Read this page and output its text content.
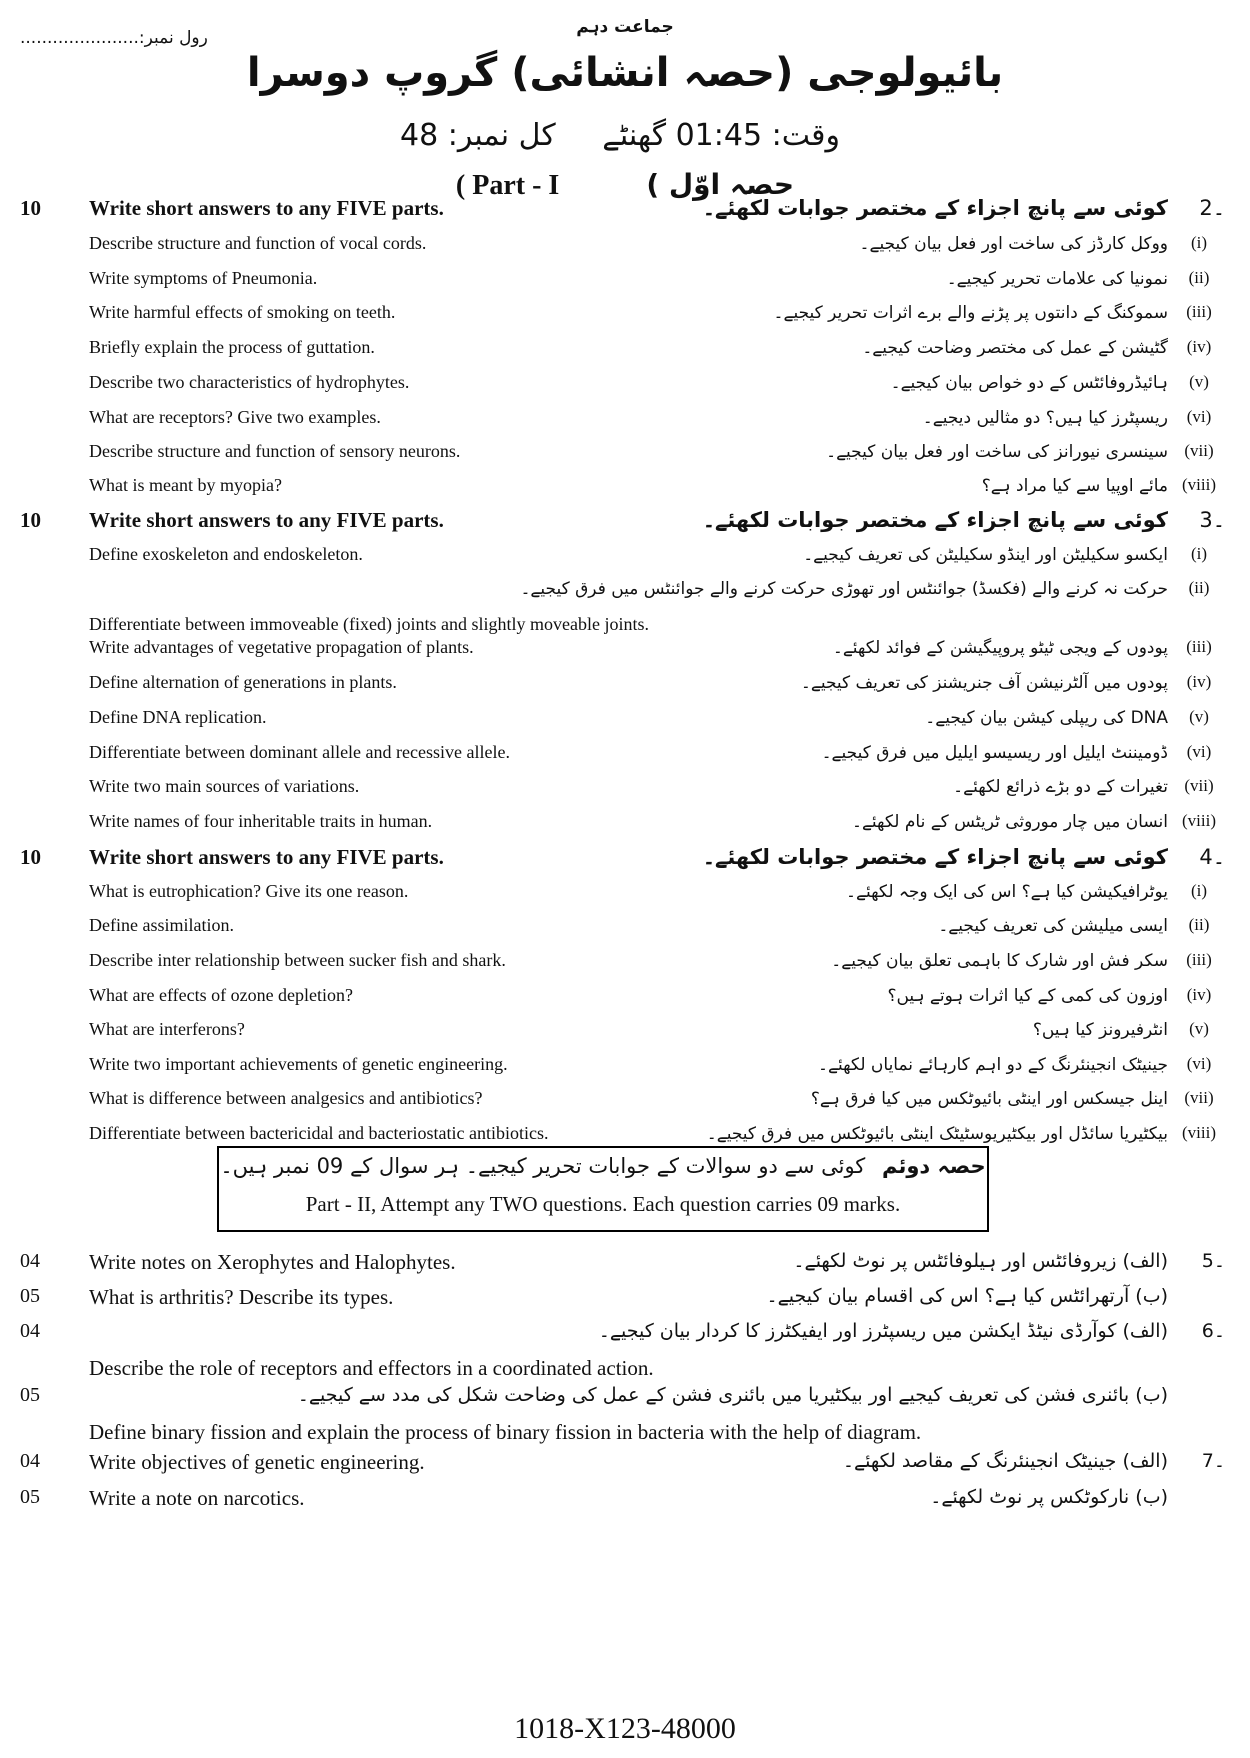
رول نمبر:......................
جماعت دہم
بائیولوجی (حصہ انشائی) گروپ دوسرا
کل نمبر: 48 وقت: 01:45 گھنٹے
( Part - I	حصہ اوّل )
10 Write short answers to any FIVE parts.	کوئی سے پانچ اجزاء کے مختصر جوابات لکھئے۔ 2۔
Describe structure and function of vocal cords.	ووکل کارڈز کی ساخت اور فعل بیان کیجیے۔	(i)
Write symptoms of Pneumonia.	نمونیا کی علامات تحریر کیجیے۔	(ii)
Write harmful effects of smoking on teeth.	سموکنگ کے دانتوں پر پڑنے والے برے اثرات تحریر کیجیے۔	(iii)
Briefly explain the process of guttation.	گٹیشن کے عمل کی مختصر وضاحت کیجیے۔	(iv)
Describe two characteristics of hydrophytes.	ہائیڈروفائٹس کے دو خواص بیان کیجیے۔	(v)
What are receptors? Give two examples.	ریسپٹرز کیا ہیں؟ دو مثالیں دیجیے۔	(vi)
Describe structure and function of sensory neurons.	سینسری نیورانز کی ساخت اور فعل بیان کیجیے۔ (vii)
What is meant by myopia?	مائے اوپیا سے کیا مراد ہے؟ (viii)
10 Write short answers to any FIVE parts.	کوئی سے پانچ اجزاء کے مختصر جوابات لکھئے۔ 3۔
Define exoskeleton and endoskeleton.	ایکسو سکیلیٹن اور اینڈو سکیلیٹن کی تعریف کیجیے۔	(i)
حرکت نہ کرنے والے (فکسڈ) جوائنٹس اور تھوڑی حرکت کرنے والے جوائنٹس میں فرق کیجیے۔	(ii)
Differentiate between immoveable (fixed) joints and slightly moveable joints.
Write advantages of vegetative propagation of plants.	پودوں کے ویجی ٹیٹو پروپیگیشن کے فوائد لکھئے۔	(iii)
Define alternation of generations in plants.	پودوں میں آلٹرنیشن آف جنریشنز کی تعریف کیجیے۔	(iv)
Define DNA replication.	DNA کی ریپلی کیشن بیان کیجیے۔	(v)
Differentiate between dominant allele and recessive allele.	ڈومیننٹ ایلیل اور ریسیسو ایلیل میں فرق کیجیے۔	(vi)
Write two main sources of variations.	تغیرات کے دو بڑے ذرائع لکھئے۔ (vii)
Write names of four inheritable traits in human.	انسان میں چار موروثی ٹریٹس کے نام لکھئے۔ (viii)
10 Write short answers to any FIVE parts.	کوئی سے پانچ اجزاء کے مختصر جوابات لکھئے۔ 4۔
What is eutrophication? Give its one reason.	یوٹرافیکیشن کیا ہے؟ اس کی ایک وجہ لکھئے۔	(i)
Define assimilation.	ایسی میلیشن کی تعریف کیجیے۔	(ii)
Describe inter relationship between sucker fish and shark.	سکر فش اور شارک کا باہمی تعلق بیان کیجیے۔	(iii)
What are effects of ozone depletion?	اوزون کی کمی کے کیا اثرات ہوتے ہیں؟	(iv)
What are interferons?	انٹرفیرونز کیا ہیں؟	(v)
Write two important achievements of genetic engineering.	جینیٹک انجینئرنگ کے دو اہم کارہائے نمایاں لکھئے۔	(vi)
What is difference between analgesics and antibiotics?	اینل جیسکس اور اینٹی بائیوٹکس میں کیا فرق ہے؟ (vii)
Differentiate between bactericidal and bacteriostatic antibiotics.	بیکٹیریا سائڈل اور بیکٹیریوسٹیٹک اینٹی بائیوٹکس میں فرق کیجیے۔ (viii)
حصہ دوئم کوئی سے دو سوالات کے جوابات تحریر کیجیے۔ ہر سوال کے 09 نمبر ہیں۔
Part - II, Attempt any TWO questions. Each question carries 09 marks.
04 Write notes on Xerophytes and Halophytes.	(الف) زیروفائٹس اور ہیلوفائٹس پر نوٹ لکھئے۔	5۔
05 What is arthritis? Describe its types.	(ب) آرتھرائٹس کیا ہے؟ اس کی اقسام بیان کیجیے۔
04	(الف) کوآرڈی نیٹڈ ایکشن میں ریسپٹرز اور ایفیکٹرز کا کردار بیان کیجیے۔	6۔
Describe the role of receptors and effectors in a coordinated action.
05	(ب) بائنری فشن کی تعریف کیجیے اور بیکٹیریا میں بائنری فشن کے عمل کی وضاحت شکل کی مدد سے کیجیے۔
Define binary fission and explain the process of binary fission in bacteria with the help of diagram.
04 Write objectives of genetic engineering.	(الف) جینیٹک انجینئرنگ کے مقاصد لکھئے۔	7۔
05 Write a note on narcotics.	(ب) نارکوٹکس پر نوٹ لکھئے۔
1018-X123-48000
